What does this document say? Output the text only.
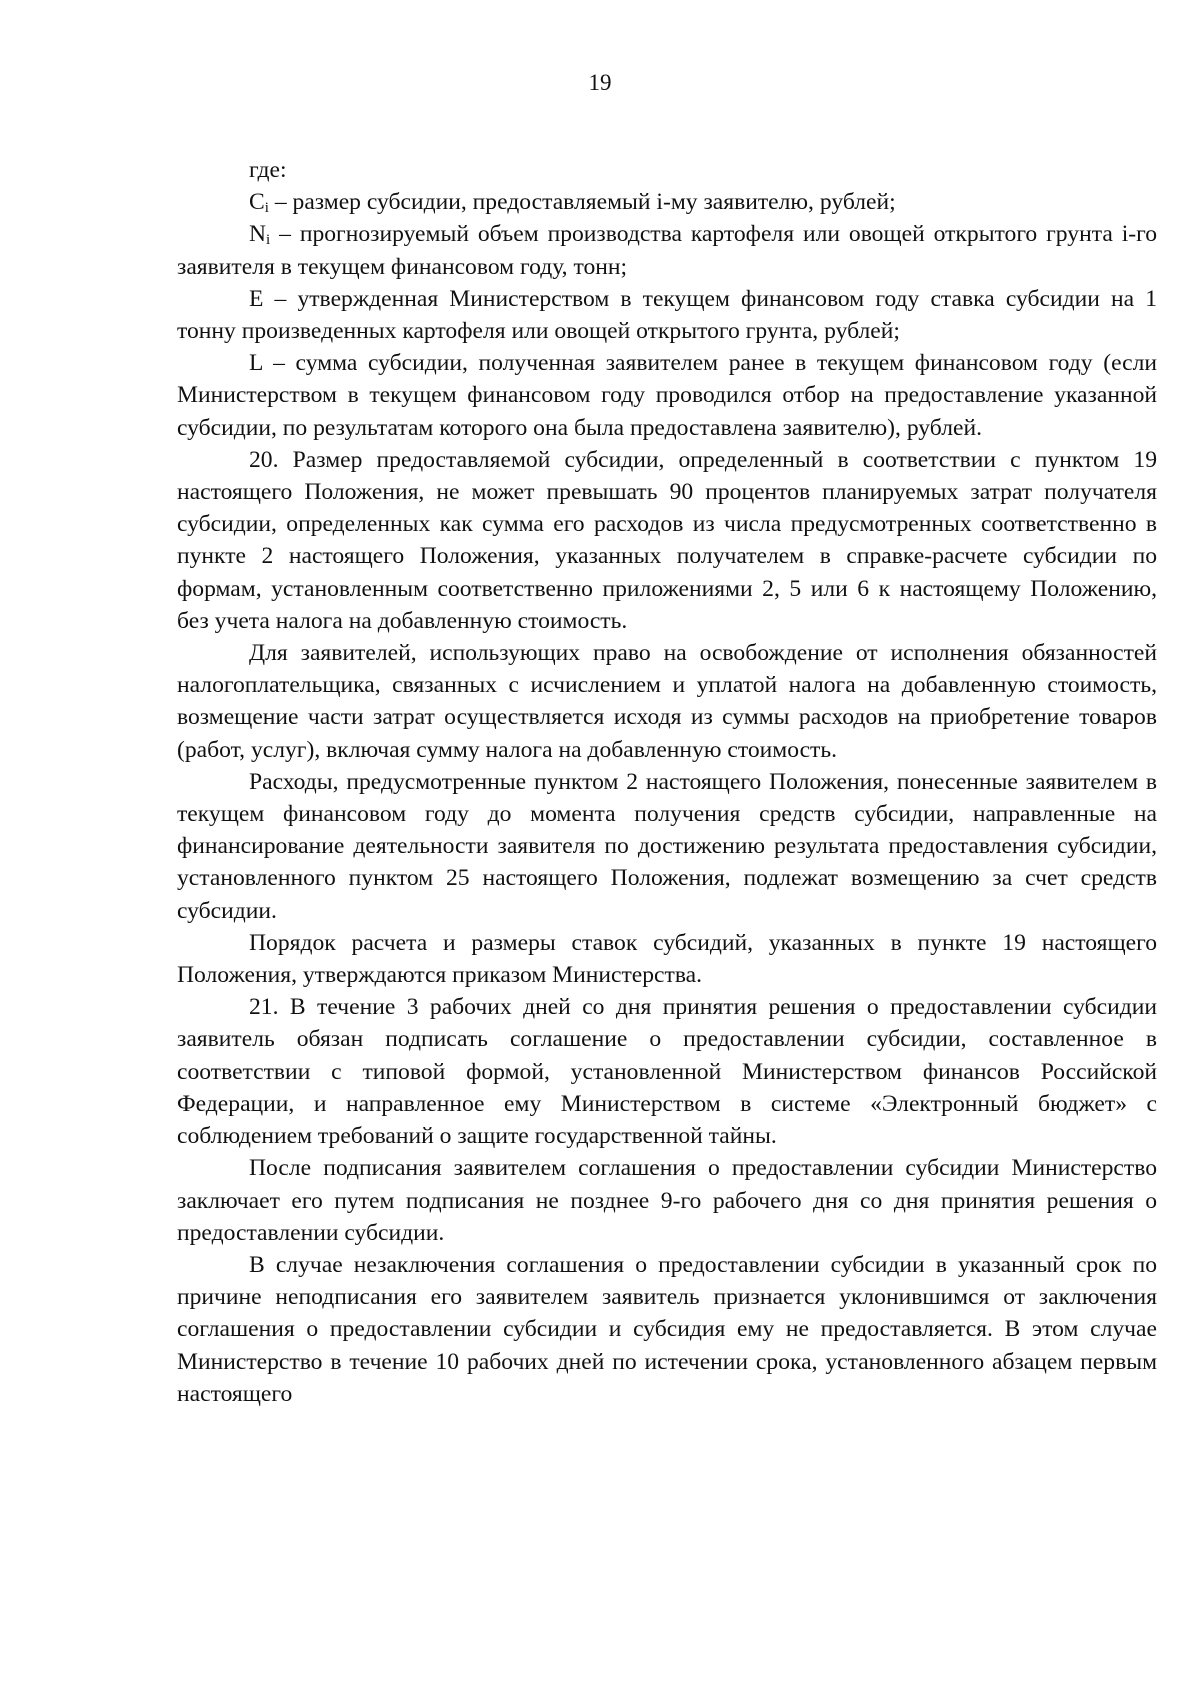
19

где:

$C_i$ – размер субсидии, предоставляемый i-му заявителю, рублей;

$N_i$ – прогнозируемый объем производства картофеля или овощей открытого грунта i-го заявителя в текущем финансовом году, тонн;

E – утвержденная Министерством в текущем финансовом году ставка субсидии на 1 тонну произведенных картофеля или овощей открытого грунта, рублей;

L – сумма субсидии, полученная заявителем ранее в текущем финансовом году (если Министерством в текущем финансовом году проводился отбор на предоставление указанной субсидии, по результатам которого она была предоставлена заявителю), рублей.

20. Размер предоставляемой субсидии, определенный в соответствии с пунктом 19 настоящего Положения, не может превышать 90 процентов планируемых затрат получателя субсидии, определенных как сумма его расходов из числа предусмотренных соответственно в пункте 2 настоящего Положения, указанных получателем в справке-расчете субсидии по формам, установленным соответственно приложениями 2, 5 или 6 к настоящему Положению, без учета налога на добавленную стоимость.

Для заявителей, использующих право на освобождение от исполнения обязанностей налогоплательщика, связанных с исчислением и уплатой налога на добавленную стоимость, возмещение части затрат осуществляется исходя из суммы расходов на приобретение товаров (работ, услуг), включая сумму налога на добавленную стоимость.

Расходы, предусмотренные пунктом 2 настоящего Положения, понесенные заявителем в текущем финансовом году до момента получения средств субсидии, направленные на финансирование деятельности заявителя по достижению результата предоставления субсидии, установленного пунктом 25 настоящего Положения, подлежат возмещению за счет средств субсидии.

Порядок расчета и размеры ставок субсидий, указанных в пункте 19 настоящего Положения, утверждаются приказом Министерства.

21. В течение 3 рабочих дней со дня принятия решения о предоставлении субсидии заявитель обязан подписать соглашение о предоставлении субсидии, составленное в соответствии с типовой формой, установленной Министерством финансов Российской Федерации, и направленное ему Министерством в системе «Электронный бюджет» с соблюдением требований о защите государственной тайны.

После подписания заявителем соглашения о предоставлении субсидии Министерство заключает его путем подписания не позднее 9-го рабочего дня со дня принятия решения о предоставлении субсидии.

В случае незаключения соглашения о предоставлении субсидии в указанный срок по причине неподписания его заявителем заявитель признается уклонившимся от заключения соглашения о предоставлении субсидии и субсидия ему не предоставляется. В этом случае Министерство в течение 10 рабочих дней по истечении срока, установленного абзацем первым настоящего
